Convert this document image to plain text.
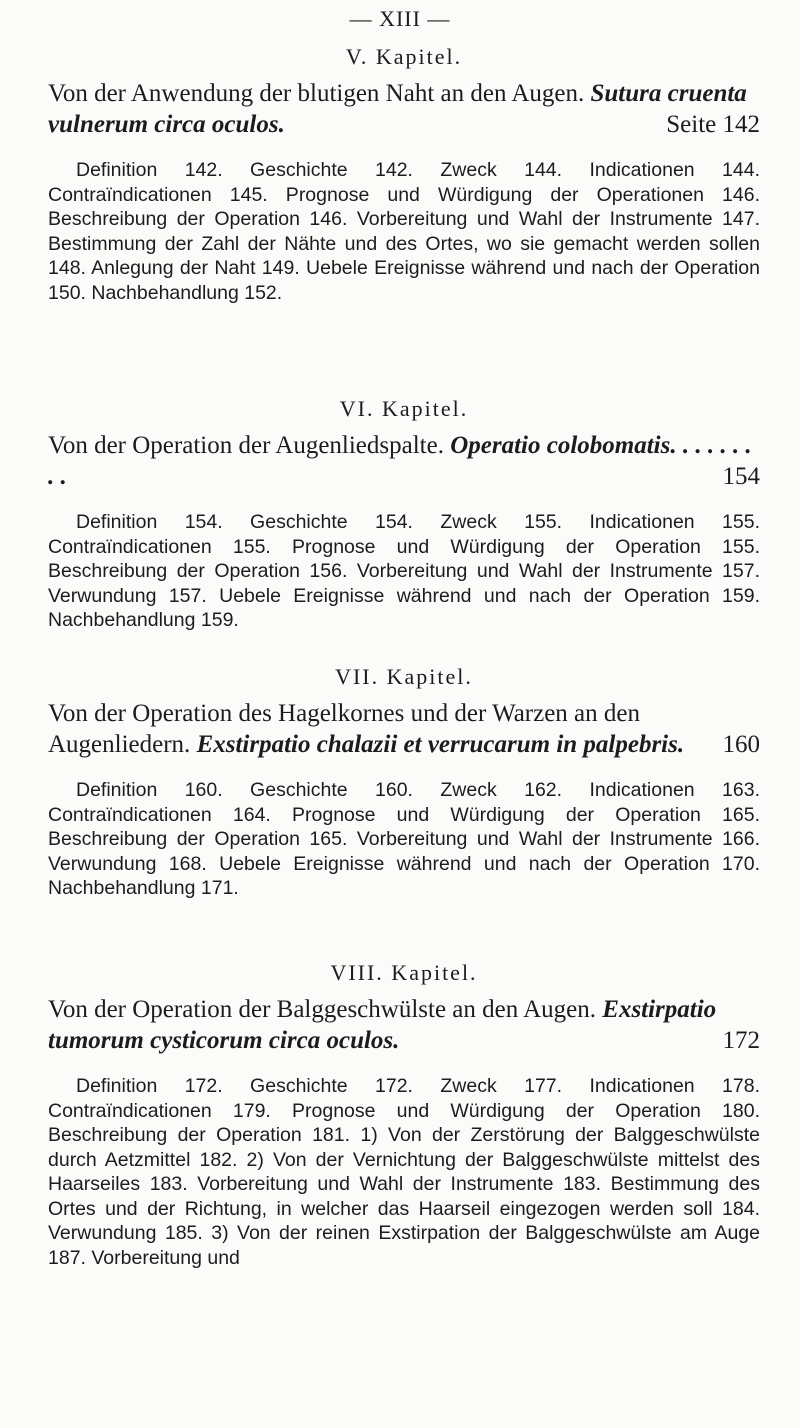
— XIII —
V. Kapitel.

Von der Anwendung der blutigen Naht an den Augen. Sutura cruenta vulnerum circa oculos.	Seite 142

Definition 142. Geschichte 142. Zweck 144. Indicationen 144. Contraïndicationen 145. Prognose und Würdigung der Operationen 146. Beschreibung der Operation 146. Vorbereitung und Wahl der Instrumente 147. Bestimmung der Zahl der Nähte und des Ortes, wo sie gemacht werden sollen 148. Anlegung der Naht 149. Uebele Ereignisse während und nach der Operation 150. Nachbehandlung 152.

VI. Kapitel.

Von der Operation der Augenliedspalte. Operatio colobomatis. . . . . . . . .	154

Definition 154. Geschichte 154. Zweck 155. Indicationen 155. Contraïndicationen 155. Prognose und Würdigung der Operation 155. Beschreibung der Operation 156. Vorbereitung und Wahl der Instrumente 157. Verwundung 157. Uebele Ereignisse während und nach der Operation 159. Nachbehandlung 159.

VII. Kapitel.

Von der Operation des Hagelkornes und der Warzen an den Augenliedern. Exstirpatio chalazii et verrucarum in palpebris. 160

Definition 160. Geschichte 160. Zweck 162. Indicationen 163. Contraïndicationen 164. Prognose und Würdigung der Operation 165. Beschreibung der Operation 165. Vorbereitung und Wahl der Instrumente 166. Verwundung 168. Uebele Ereignisse während und nach der Operation 170. Nachbehandlung 171.

VIII. Kapitel.

Von der Operation der Balggeschwülste an den Augen. Exstirpatio tumorum cysticorum circa oculos.	172

Definition 172. Geschichte 172. Zweck 177. Indicationen 178. Contraïndicationen 179. Prognose und Würdigung der Operation 180. Beschreibung der Operation 181. 1) Von der Zerstörung der Balggeschwülste durch Aetzmittel 182. 2) Von der Vernichtung der Balggeschwülste mittelst des Haarseiles 183. Vorbereitung und Wahl der Instrumente 183. Bestimmung des Ortes und der Richtung, in welcher das Haarseil eingezogen werden soll 184. Verwundung 185. 3) Von der reinen Exstirpation der Balggeschwülste am Auge 187. Vorbereitung und
